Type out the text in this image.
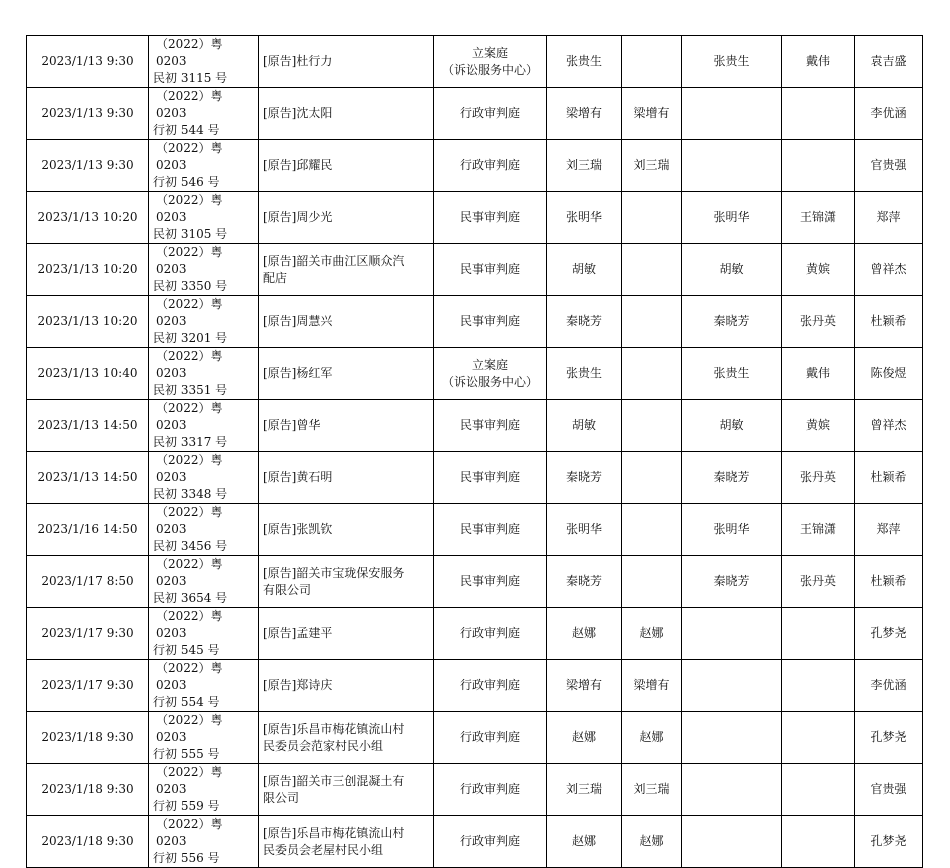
2023/1/13 9:30	（2022）粤 0203
民初 3115 号	[原告]杜行力	立案庭
（诉讼服务中心）	张贵生		张贵生	戴伟	袁吉盛
2023/1/13 9:30	（2022）粤 0203
行初 544 号	[原告]沈太阳	行政审判庭	梁增有	梁增有			李优涵
2023/1/13 9:30	（2022）粤 0203
行初 546 号	[原告]邱耀民	行政审判庭	刘三瑞	刘三瑞			官贵强
2023/1/13 10:20	（2022）粤 0203
民初 3105 号	[原告]周少光	民事审判庭	张明华		张明华	王锦潇	郑萍
2023/1/13 10:20	（2022）粤 0203
民初 3350 号	[原告]韶关市曲江区顺众汽
配店	民事审判庭	胡敏		胡敏	黄嫔	曾祥杰
2023/1/13 10:20	（2022）粤 0203
民初 3201 号	[原告]周慧兴	民事审判庭	秦晓芳		秦晓芳	张丹英	杜颖希
2023/1/13 10:40	（2022）粤 0203
民初 3351 号	[原告]杨红军	立案庭
（诉讼服务中心）	张贵生		张贵生	戴伟	陈俊煜
2023/1/13 14:50	（2022）粤 0203
民初 3317 号	[原告]曾华	民事审判庭	胡敏		胡敏	黄嫔	曾祥杰
2023/1/13 14:50	（2022）粤 0203
民初 3348 号	[原告]黄石明	民事审判庭	秦晓芳		秦晓芳	张丹英	杜颖希
2023/1/16 14:50	（2022）粤 0203
民初 3456 号	[原告]张凯钦	民事审判庭	张明华		张明华	王锦潇	郑萍
2023/1/17 8:50	（2022）粤 0203
民初 3654 号	[原告]韶关市宝珑保安服务
有限公司	民事审判庭	秦晓芳		秦晓芳	张丹英	杜颖希
2023/1/17 9:30	（2022）粤 0203
行初 545 号	[原告]孟建平	行政审判庭	赵娜	赵娜			孔梦尧
2023/1/17 9:30	（2022）粤 0203
行初 554 号	[原告]郑诗庆	行政审判庭	梁增有	梁增有			李优涵
2023/1/18 9:30	（2022）粤 0203
行初 555 号	[原告]乐昌市梅花镇流山村
民委员会范家村民小组	行政审判庭	赵娜	赵娜			孔梦尧
2023/1/18 9:30	（2022）粤 0203
行初 559 号	[原告]韶关市三创混凝土有
限公司	行政审判庭	刘三瑞	刘三瑞			官贵强
2023/1/18 9:30	（2022）粤 0203
行初 556 号	[原告]乐昌市梅花镇流山村
民委员会老屋村民小组	行政审判庭	赵娜	赵娜			孔梦尧
